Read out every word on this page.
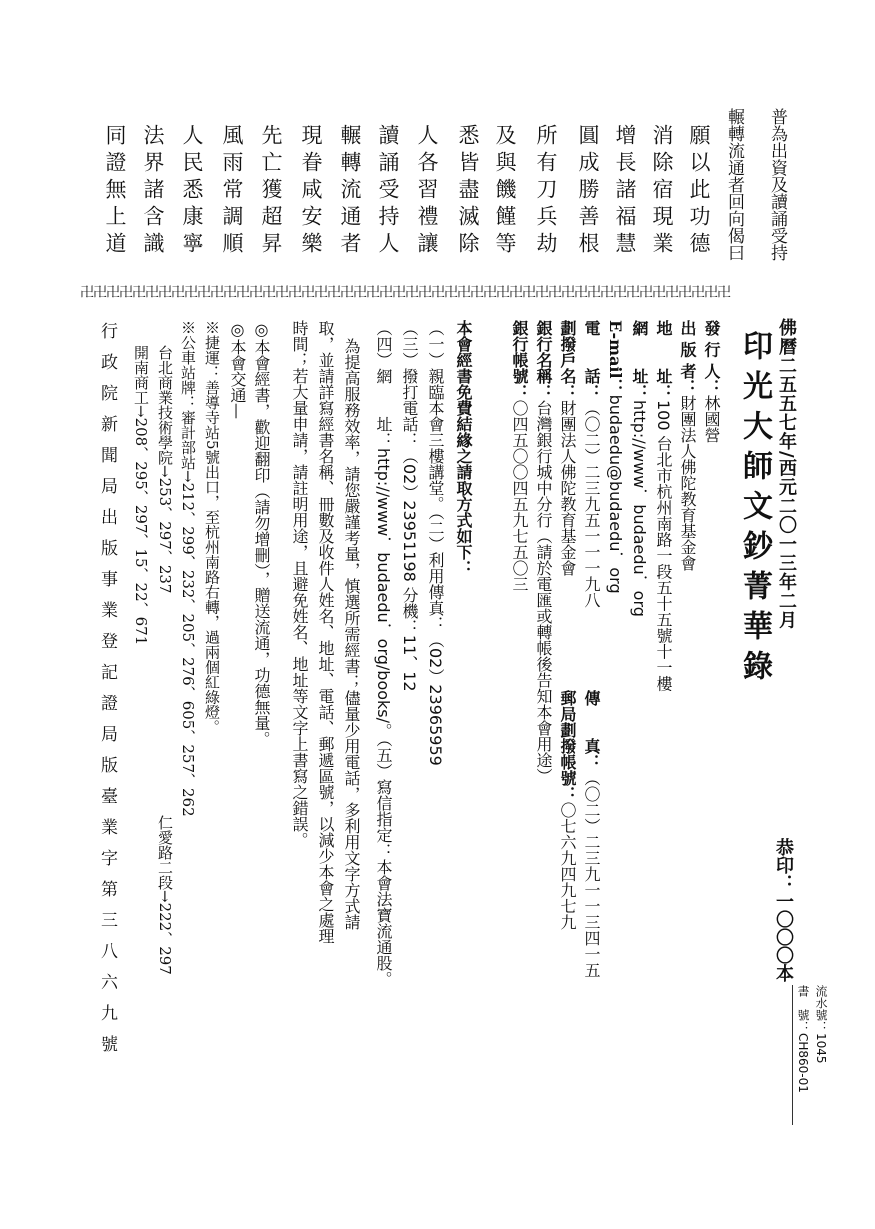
普為出資及讀誦受持
輾轉流通者回向偈曰
願以此功德
消除宿現業
增長諸福慧
圓成勝善根
所有刀兵劫
及與饑饉等
悉皆盡滅除
人各習禮讓
讀誦受持人
輾轉流通者
現眷咸安樂
先亡獲超昇
風雨常調順
人民悉康寧
法界諸含識
同證無上道
卍卍卍卍卍卍卍卍卍卍卍卍卍卍卍卍卍卍卍卍卍卍卍卍卍卍卍卍卍卍卍卍卍卍卍卍卍卍卍卍卍卍卍卍卍卍卍卍卍卍
佛曆二五五七年/西元二〇一三年二月
印光大師文鈔菁華錄
恭印：一〇〇〇本
流水號：1045
書　號：CH860-01
發 行 人：林國營
出 版 者：財團法人佛陀教育基金會
地　　址：100 台北市杭州南路一段五十五號十一樓
網　　址：http://www．budaedu．org
E-mail：budaedu@budaedu．org
電　　話：（〇二）二三九五一一一九八
傳　　真：（〇二）二三九一一三四一五
劃撥戶名：財團法人佛陀教育基金會
郵局劃撥帳號：〇七六九四九七九
銀行名稱：台灣銀行城中分行（請於電匯或轉帳後告知本會用途）
銀行帳號：〇四五〇〇四五九七五〇三
本會經書免費結緣之請取方式如下：
（一）親臨本會三樓講堂。（二）利用傳真：（02）23965959
（三）撥打電話：（02）23951198 分機：11、12
（四）網　　址：http://www．budaedu．org/books/。（五）寫信指定：本會法寶流通股。
為提高服務效率，請您嚴謹考量，慎選所需經書；儘量少用電話，多利用文字方式請
取，並請詳寫經書名稱、冊數及收件人姓名、地址、電話、郵遞區號，以減少本會之處理
時間；若大量申請，請註明用途，且避免姓名、地址等文字上書寫之錯誤。
◎本會經書，歡迎翻印（請勿增刪），贈送流通，功德無量。
◎本會交通—
※捷運：善導寺站5號出口，至杭州南路右轉，過兩個紅綠燈。
※公車站牌：審計部站→212、299、232、205、276、605、257、262
台北商業技術學院→253、297、237
仁愛路二段→222、297
開南商工→208、295、297、15、22、671
行政院新聞局出版事業登記證局版臺業字第三八六九號
